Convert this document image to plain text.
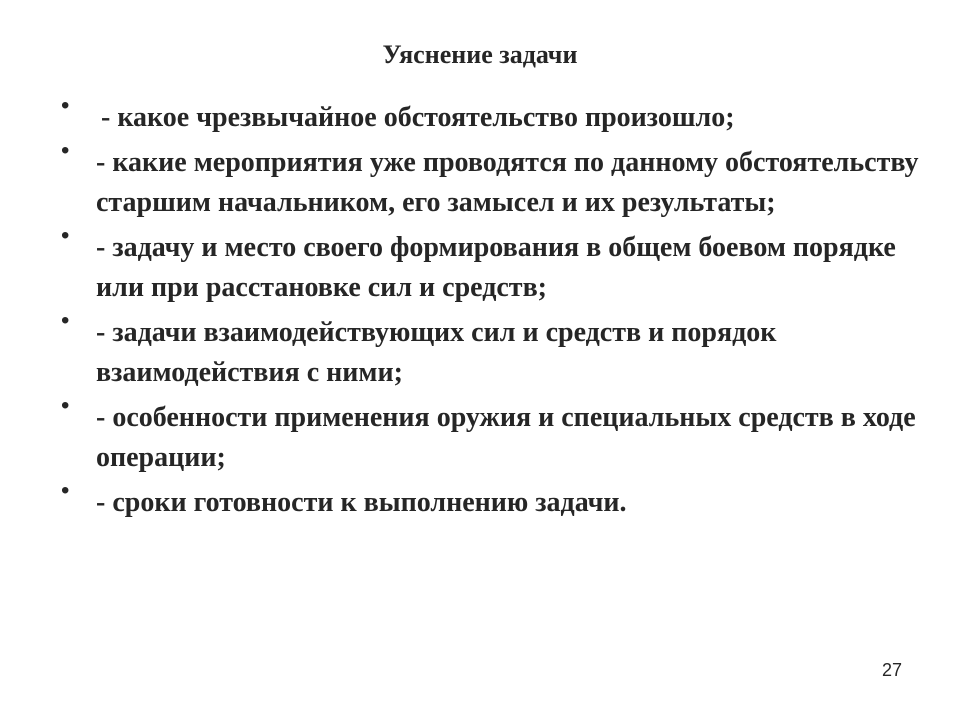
Уяснение задачи
• - какое чрезвычайное обстоятельство произошло;
• - какие мероприятия уже проводятся по данному обстоятельству старшим начальником, его замысел и их результаты;
• - задачу и место своего формирования в общем боевом порядке или при расстановке сил и средств;
• - задачи взаимодействующих сил и средств и порядок взаимодействия с ними;
• - особенности применения оружия и специальных средств в ходе операции;
• - сроки готовности к выполнению задачи.
27
